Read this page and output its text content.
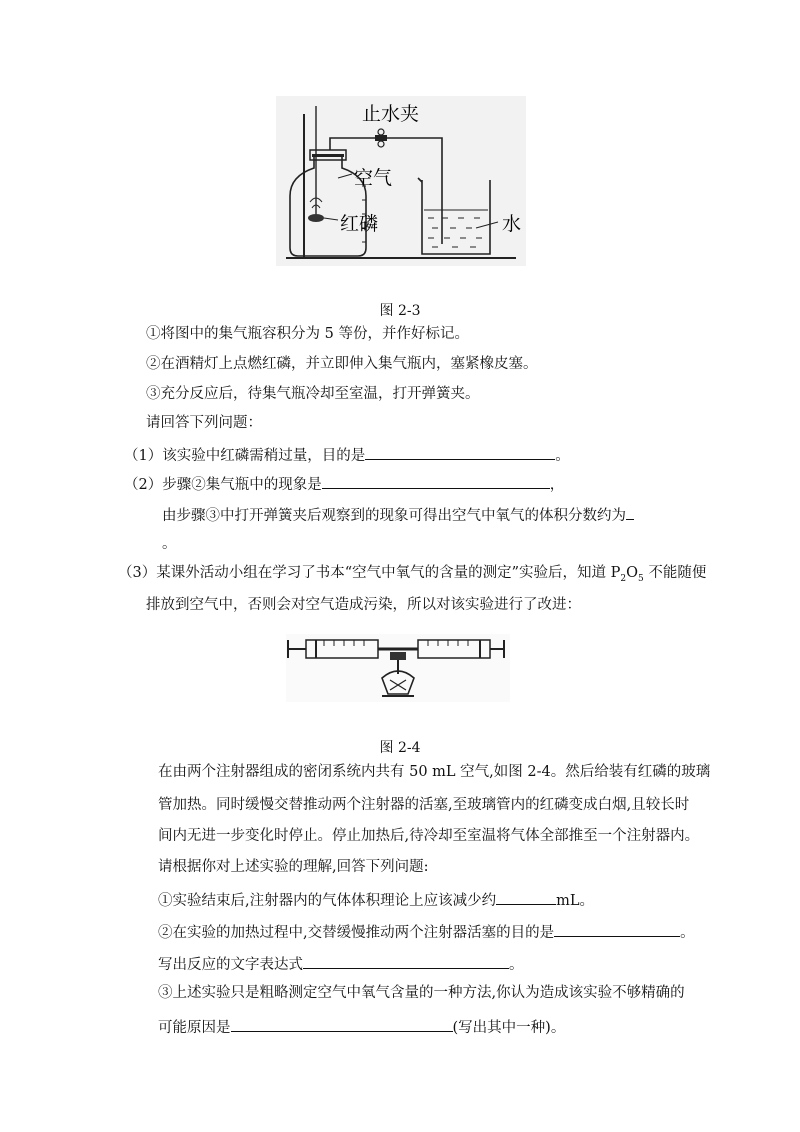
止水夹
空气
红磷	水
图 2-3
①将图中的集气瓶容积分为 5 等份，并作好标记。
②在酒精灯上点燃红磷，并立即伸入集气瓶内，塞紧橡皮塞。
③充分反应后，待集气瓶冷却至室温，打开弹簧夹。
请回答下列问题：
（1）该实验中红磷需稍过量，目的是	。
（2）步骤②集气瓶中的现象是	，
由步骤③中打开弹簧夹后观察到的现象可得出空气中氧气的体积分数约为
。
（3）某课外活动小组在学习了书本“空气中氧气的含量的测定”实验后，知道 $P_2O_5$ 不能随便
排放到空气中，否则会对空气造成污染，所以对该实验进行了改进：
图 2-4
在由两个注射器组成的密闭系统内共有 50 mL 空气,如图 2-4。然后给装有红磷的玻璃
管加热。同时缓慢交替推动两个注射器的活塞,至玻璃管内的红磷变成白烟,且较长时
间内无进一步变化时停止。停止加热后,待冷却至室温将气体全部推至一个注射器内。
请根据你对上述实验的理解,回答下列问题:
①实验结束后,注射器内的气体体积理论上应该减少约	mL。
②在实验的加热过程中,交替缓慢推动两个注射器活塞的目的是	。
写出反应的文字表达式	。
③上述实验只是粗略测定空气中氧气含量的一种方法,你认为造成该实验不够精确的
可能原因是	(写出其中一种)。
